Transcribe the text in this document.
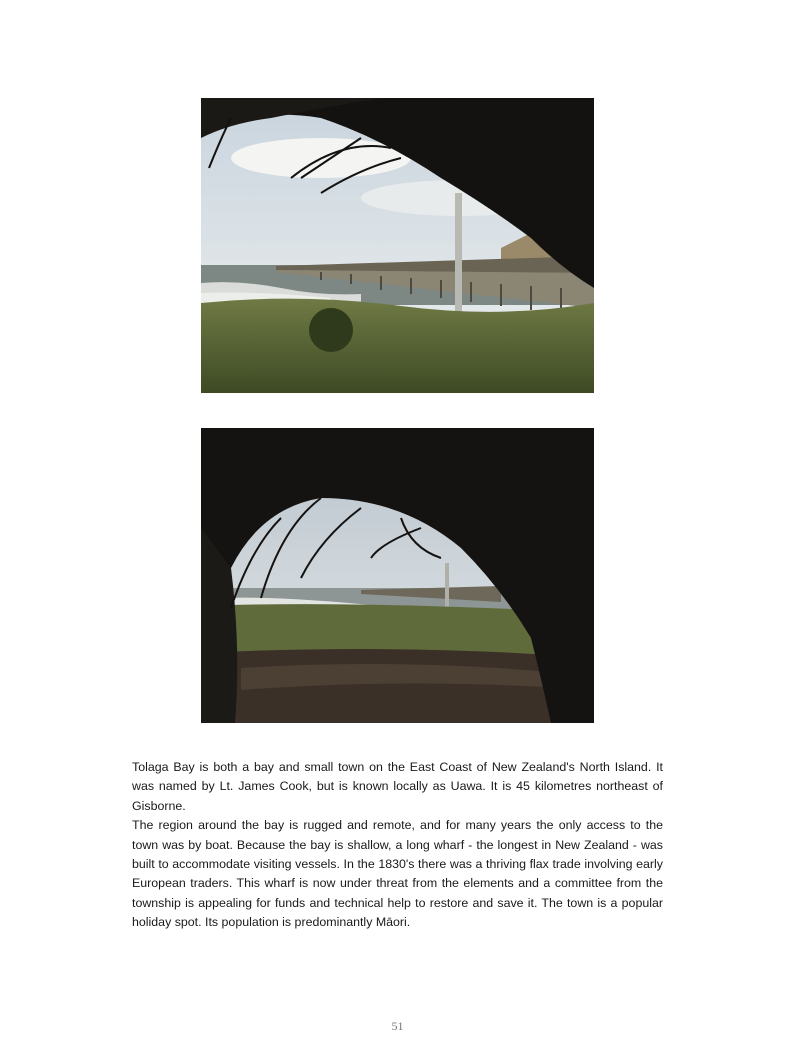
Tolaga Bay is both a bay and small town on the East Coast of New Zealand's North Island. It was named by Lt. James Cook, but is known locally as Uawa. It is 45 kilometres northeast of Gisborne.

The region around the bay is rugged and remote, and for many years the only access to the town was by boat. Because the bay is shallow, a long wharf - the longest in New Zealand - was built to accommodate visiting vessels. In the 1830's there was a thriving flax trade involving early European traders. This wharf is now under threat from the elements and a committee from the township is appealing for funds and technical help to restore and save it. The town is a popular holiday spot. Its population is predominantly Māori.

51
